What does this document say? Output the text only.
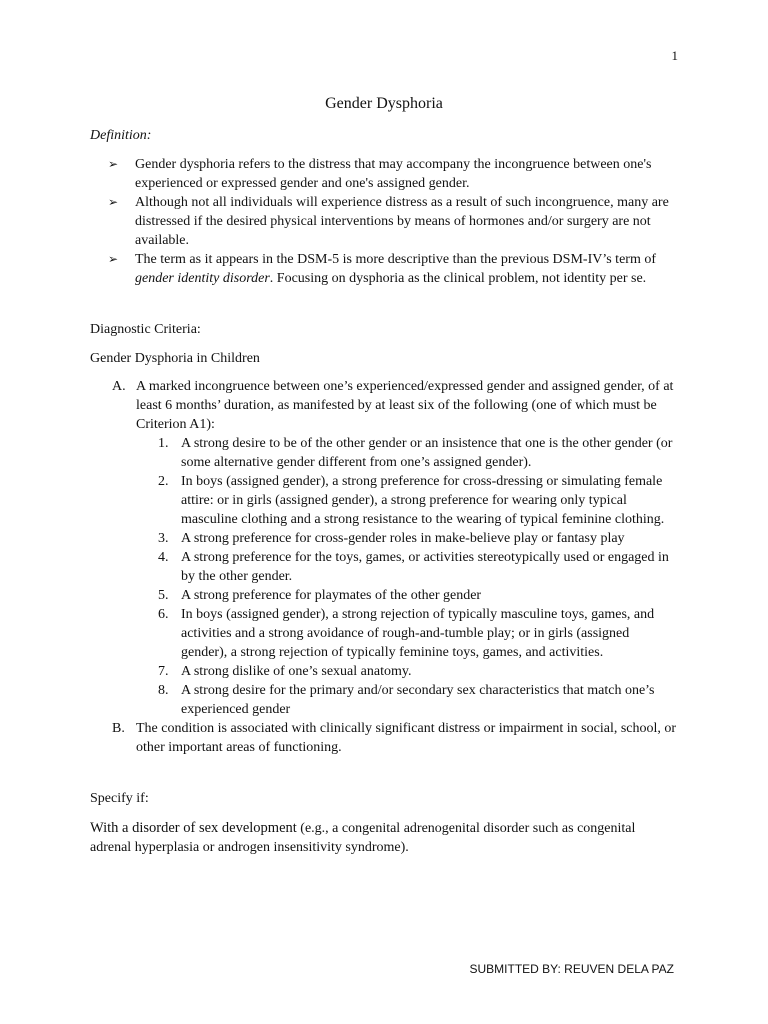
1
Gender Dysphoria
Definition:
➢ Gender dysphoria refers to the distress that may accompany the incongruence between one's experienced or expressed gender and one's assigned gender.
➢ Although not all individuals will experience distress as a result of such incongruence, many are distressed if the desired physical interventions by means of hormones and/or surgery are not available.
➢ The term as it appears in the DSM-5 is more descriptive than the previous DSM-IV’s term of gender identity disorder. Focusing on dysphoria as the clinical problem, not identity per se.
Diagnostic Criteria:
Gender Dysphoria in Children
A. A marked incongruence between one’s experienced/expressed gender and assigned gender, of at least 6 months’ duration, as manifested by at least six of the following (one of which must be Criterion A1):
1. A strong desire to be of the other gender or an insistence that one is the other gender (or some alternative gender different from one’s assigned gender).
2. In boys (assigned gender), a strong preference for cross-dressing or simulating female attire: or in girls (assigned gender), a strong preference for wearing only typical masculine clothing and a strong resistance to the wearing of typical feminine clothing.
3. A strong preference for cross-gender roles in make-believe play or fantasy play
4. A strong preference for the toys, games, or activities stereotypically used or engaged in by the other gender.
5. A strong preference for playmates of the other gender
6. In boys (assigned gender), a strong rejection of typically masculine toys, games, and activities and a strong avoidance of rough-and-tumble play; or in girls (assigned gender), a strong rejection of typically feminine toys, games, and activities.
7. A strong dislike of one’s sexual anatomy.
8. A strong desire for the primary and/or secondary sex characteristics that match one’s experienced gender
B. The condition is associated with clinically significant distress or impairment in social, school, or other important areas of functioning.
Specify if:
With a disorder of sex development (e.g., a congenital adrenogenital disorder such as congenital adrenal hyperplasia or androgen insensitivity syndrome).
SUBMITTED BY: REUVEN DELA PAZ
